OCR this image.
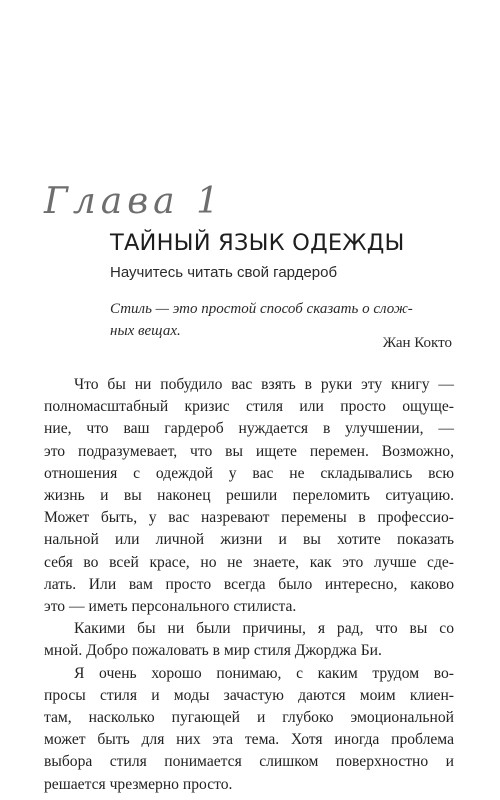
Глава 1
ТАЙНЫЙ ЯЗЫК ОДЕЖДЫ
Научитесь читать свой гардероб
Стиль — это простой способ сказать о слож-
ных вещах.
Жан Кокто
Что бы ни побудило вас взять в руки эту книгу —
полномасштабный кризис стиля или просто ощуще-
ние, что ваш гардероб нуждается в улучшении, —
это подразумевает, что вы ищете перемен. Возможно,
отношения с одеждой у вас не складывались всю
жизнь и вы наконец решили переломить ситуацию.
Может быть, у вас назревают перемены в профессио-
нальной или личной жизни и вы хотите показать
себя во всей красе, но не знаете, как это лучше сде-
лать. Или вам просто всегда было интересно, каково
это — иметь персонального стилиста.
Какими бы ни были причины, я рад, что вы со
мной. Добро пожаловать в мир стиля Джорджа Би.
Я очень хорошо понимаю, с каким трудом во-
просы стиля и моды зачастую даются моим клиен-
там, насколько пугающей и глубоко эмоциональной
может быть для них эта тема. Хотя иногда проблема
выбора стиля понимается слишком поверхностно и
решается чрезмерно просто.
